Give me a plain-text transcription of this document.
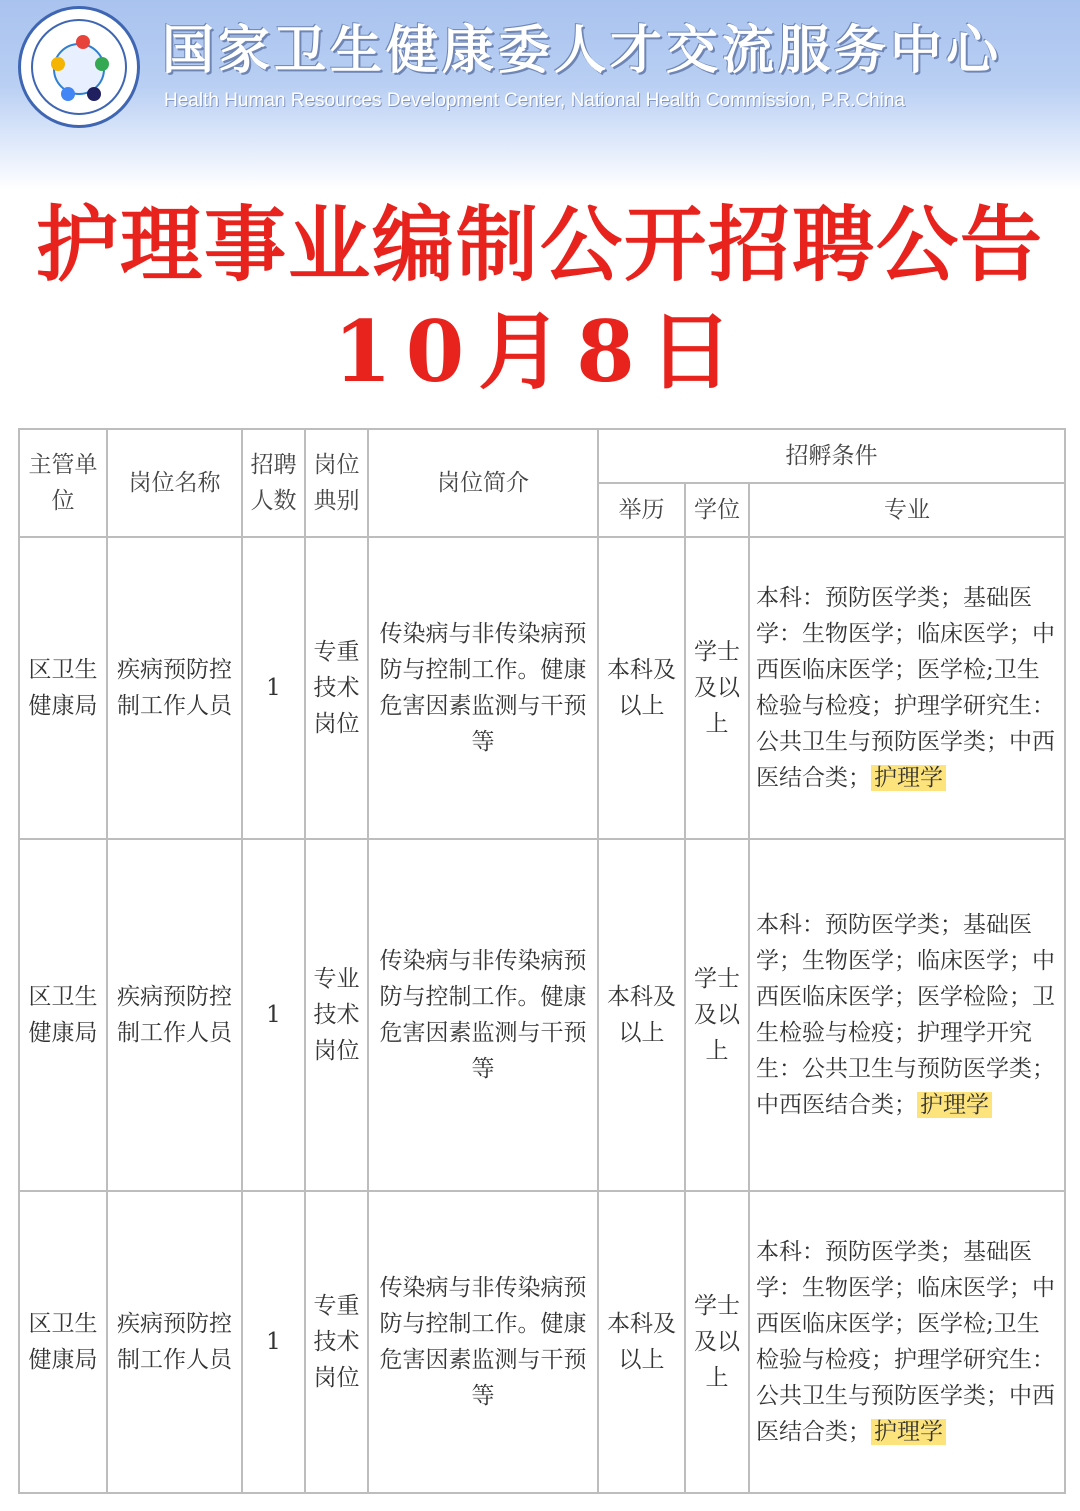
国家卫生健康委人才交流服务中心
Health Human Resources Development Center, National Health Commission, P.R.China
护理事业编制公开招聘公告
10月8日
主管单位	岗位名称	招聘人数	岗位典别	岗位简介	招孵条件		
					举历	学位	专业
区卫生健康局	疾病预防控制工作人员	1	专重技术岗位	传染病与非传染病预防与控制工作。健康危害因素监测与干预等	本科及以上	学士及以上	本科：预防医学类；基础医学：生物医学；临床医学；中西医临床医学；医学检;卫生检验与检疫；护理学研究生：公共卫生与预防医学类；中西医结合类； 护理学
区卫生健康局	疾病预防控制工作人员	1	专业技术岗位	传染病与非传染病预防与控制工作。健康危害因素监测与干预等	本科及以上	学士及以上	本科：预防医学类；基础医学；生物医学；临床医学；中西医临床医学；医学检险；卫生检验与检疫；护理学开究生：公共卫生与预防医学类；中西医结合类； 护理学
区卫生健康局	疾病预防控制工作人员	1	专重技术岗位	传染病与非传染病预防与控制工作。健康危害因素监测与干预等	本科及以上	学士及以上	本科：预防医学类；基础医学：生物医学；临床医学；中西医临床医学；医学检;卫生检验与检疫；护理学研究生：公共卫生与预防医学类；中西医结合类； 护理学
